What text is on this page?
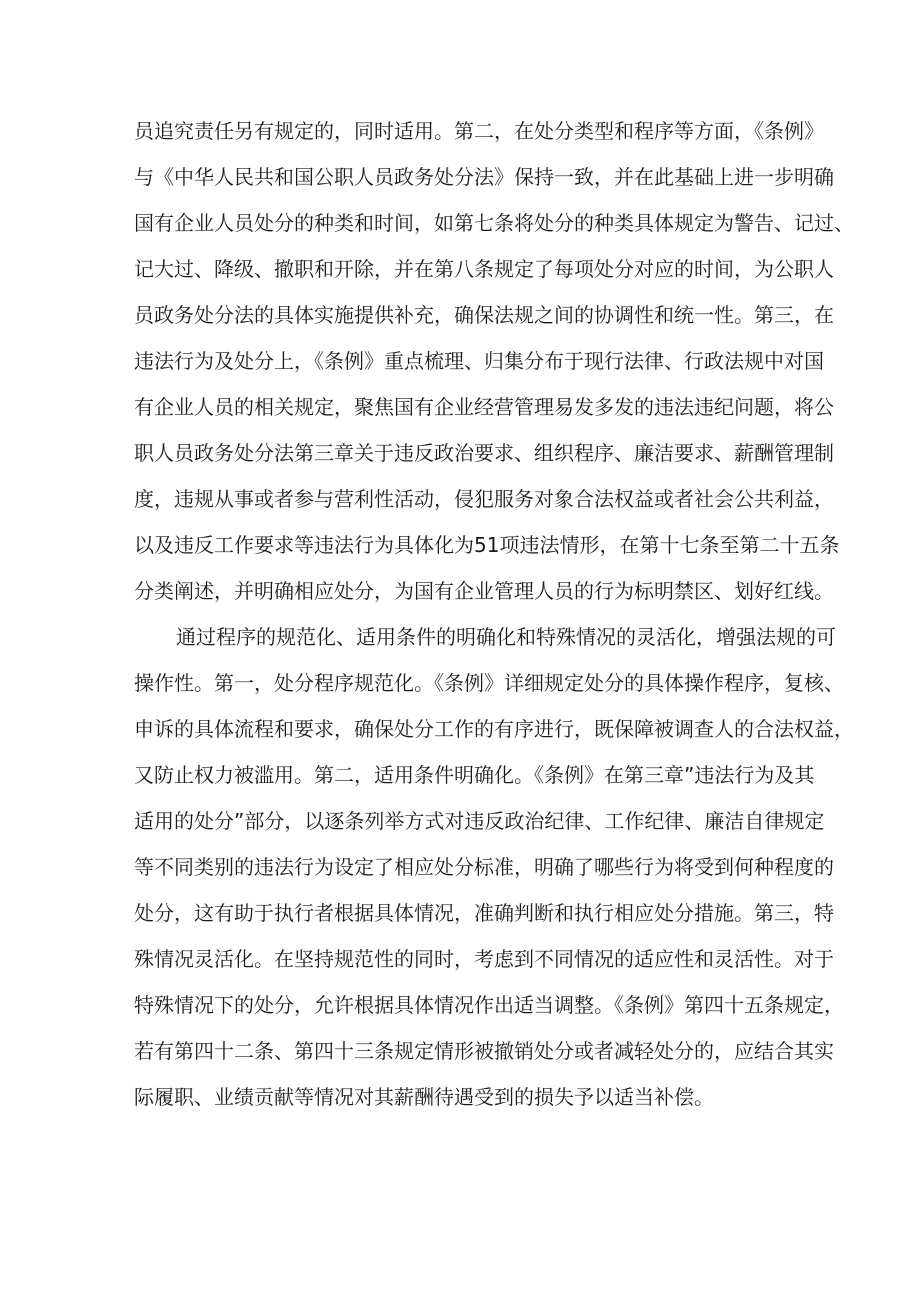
员追究责任另有规定的，同时适用。第二，在处分类型和程序等方面，《条例》

与《中华人民共和国公职人员政务处分法》保持一致，并在此基础上进一步明确

国有企业人员处分的种类和时间，如第七条将处分的种类具体规定为警告、记过、

记大过、降级、撤职和开除，并在第八条规定了每项处分对应的时间，为公职人

员政务处分法的具体实施提供补充，确保法规之间的协调性和统一性。第三，在

违法行为及处分上，《条例》重点梳理、归集分布于现行法律、行政法规中对国

有企业人员的相关规定，聚焦国有企业经营管理易发多发的违法违纪问题，将公

职人员政务处分法第三章关于违反政治要求、组织程序、廉洁要求、薪酬管理制

度，违规从事或者参与营利性活动，侵犯服务对象合法权益或者社会公共利益，

以及违反工作要求等违法行为具体化为51项违法情形，在第十七条至第二十五条

分类阐述，并明确相应处分，为国有企业管理人员的行为标明禁区、划好红线。

通过程序的规范化、适用条件的明确化和特殊情况的灵活化，增强法规的可

操作性。第一，处分程序规范化。《条例》详细规定处分的具体操作程序，复核、

申诉的具体流程和要求，确保处分工作的有序进行，既保障被调查人的合法权益，

又防止权力被滥用。第二，适用条件明确化。《条例》在第三章”违法行为及其

适用的处分”部分，以逐条列举方式对违反政治纪律、工作纪律、廉洁自律规定

等不同类别的违法行为设定了相应处分标准，明确了哪些行为将受到何种程度的

处分，这有助于执行者根据具体情况，准确判断和执行相应处分措施。第三，特

殊情况灵活化。在坚持规范性的同时，考虑到不同情况的适应性和灵活性。对于

特殊情况下的处分，允许根据具体情况作出适当调整。《条例》第四十五条规定，

若有第四十二条、第四十三条规定情形被撤销处分或者减轻处分的，应结合其实

际履职、业绩贡献等情况对其薪酬待遇受到的损失予以适当补偿。
